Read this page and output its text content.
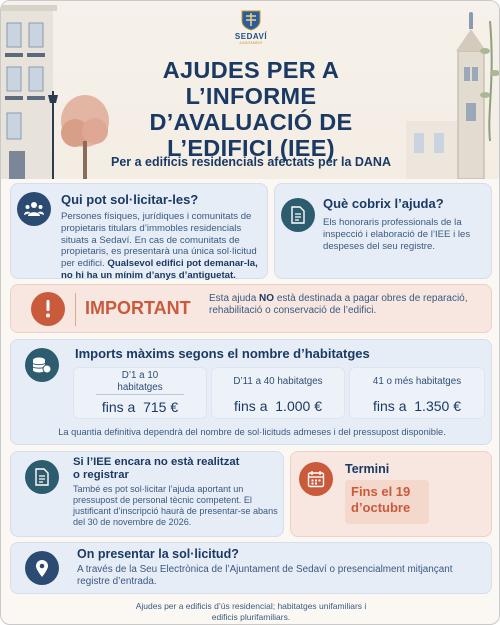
SEDAVÍ
AJUNTAMENT
AJUDES PER A
L’INFORME
D’AVALUACIÓ DE
L’EDIFICI (IEE)
Per a edificis residencials afectats per la DANA
Qui pot sol·licitar-les?
Persones físiques, jurídiques i comunitats de propietaris titulars d’immobles residencials situats a Sedaví. En cas de comunitats de propietaris, es presentarà una única sol·licitud per edifici. Qualsevol edifici pot demanar-la, no hi ha un mínim d’anys d’antiguetat.
Què cobrix l’ajuda?
Els honoraris professionals de la inspecció i elaboració de l’IEE i les despeses del seu registre.
IMPORTANT Esta ajuda NO està destinada a pagar obres de reparació, rehabilitació o conservació de l’edifici.
Imports màxims segons el nombre d’habitatges
D’1 a 10
habitatges
fins a 715 €
D’11 a 40 habitatges
fins a 1.000 €
41 o més habitatges
fins a 1.350 €
La quantia definitiva dependrà del nombre de sol·licituds admeses i del pressupost disponible.
Si l’IEE encara no està realitzat
o registrar
També es pot sol·licitar l’ajuda aportant un pressupost de personal tècnic competent. El justificant d’inscripció haurà de presentar-se abans del 30 de novembre de 2026.
Termini
Fins el 19
d’octubre
On presentar la sol·licitud?
A través de la Seu Electrònica de l’Ajuntament de Sedaví o presencialment mitjançant registre d’entrada.
Ajudes per a edificis d’ús residencial; habitatges unifamiliars i
edificis plurifamiliars.
